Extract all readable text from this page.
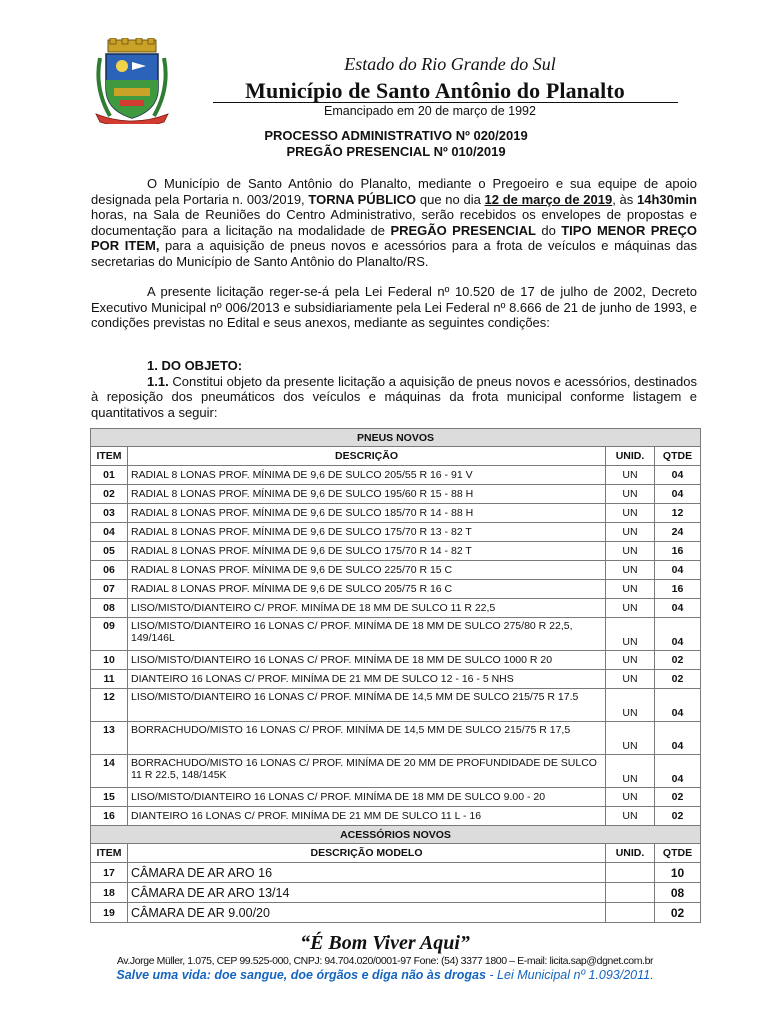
Estado do Rio Grande do Sul
Município de Santo Antônio do Planalto
Emancipado em 20 de março de 1992
PROCESSO ADMINISTRATIVO Nº 020/2019
PREGÃO PRESENCIAL Nº 010/2019
O Município de Santo Antônio do Planalto, mediante o Pregoeiro e sua equipe de apoio designada pela Portaria n. 003/2019, TORNA PÚBLICO que no dia 12 de março de 2019, às 14h30min horas, na Sala de Reuniões do Centro Administrativo, serão recebidos os envelopes de propostas e documentação para a licitação na modalidade de PREGÃO PRESENCIAL do TIPO MENOR PREÇO POR ITEM, para a aquisição de pneus novos e acessórios para a frota de veículos e máquinas das secretarias do Município de Santo Antônio do Planalto/RS.
A presente licitação reger-se-á pela Lei Federal nº 10.520 de 17 de julho de 2002, Decreto Executivo Municipal nº 006/2013 e subsidiariamente pela Lei Federal nº 8.666 de 21 de junho de 1993, e condições previstas no Edital e seus anexos, mediante as seguintes condições:
1. DO OBJETO:
1.1. Constitui objeto da presente licitação a aquisição de pneus novos e acessórios, destinados à reposição dos pneumáticos dos veículos e máquinas da frota municipal conforme listagem e quantitativos a seguir:
PNEUS NOVOS			
ITEM	DESCRIÇÃO	UNID.	QTDE
01	RADIAL 8 LONAS PROF. MÍNIMA DE 9,6 DE SULCO 205/55 R 16 - 91 V	UN	04
02	RADIAL 8 LONAS PROF. MÍNIMA DE 9,6 DE SULCO 195/60 R 15 - 88 H	UN	04
03	RADIAL 8 LONAS PROF. MÍNIMA DE 9,6 DE SULCO 185/70 R 14 - 88 H	UN	12
04	RADIAL 8 LONAS PROF. MÍNIMA DE 9,6 DE SULCO 175/70 R 13 - 82 T	UN	24
05	RADIAL 8 LONAS PROF. MÍNIMA DE 9,6 DE SULCO 175/70 R 14 - 82 T	UN	16
06	RADIAL 8 LONAS PROF. MÍNIMA DE 9,6 DE SULCO 225/70 R 15 C	UN	04
07	RADIAL 8 LONAS PROF. MÍNIMA DE 9,6 DE SULCO 205/75 R 16 C	UN	16
08	LISO/MISTO/DIANTEIRO C/ PROF. MINÍMA DE 18 MM DE SULCO 11 R 22,5	UN	04
09	LISO/MISTO/DIANTEIRO 16 LONAS C/ PROF. MINÍMA DE 18 MM DE SULCO 275/80 R 22,5, 149/146L	UN	04
10	LISO/MISTO/DIANTEIRO 16 LONAS C/ PROF. MINÍMA DE 18 MM DE SULCO 1000 R 20	UN	02
11	DIANTEIRO 16 LONAS C/ PROF. MINÍMA DE 21 MM DE SULCO 12 - 16 - 5 NHS	UN	02
12	LISO/MISTO/DIANTEIRO 16 LONAS C/ PROF. MINÍMA DE 14,5 MM DE SULCO 215/75 R 17.5	UN	04
13	BORRACHUDO/MISTO 16 LONAS C/ PROF. MINÍMA DE 14,5 MM DE SULCO 215/75 R 17,5	UN	04
14	BORRACHUDO/MISTO 16 LONAS C/ PROF. MINÍMA DE 20 MM DE PROFUNDIDADE DE SULCO 11 R 22.5, 148/145K	UN	04
15	LISO/MISTO/DIANTEIRO 16 LONAS C/ PROF. MINÍMA DE 18 MM DE SULCO 9.00 - 20	UN	02
16	DIANTEIRO 16 LONAS C/ PROF. MINÍMA DE 21 MM DE SULCO 11 L - 16	UN	02
ACESSÓRIOS NOVOS			
ITEM	DESCRIÇÃO MODELO	UNID.	QTDE
17	CÂMARA DE AR ARO 16		10
18	CÂMARA DE AR ARO 13/14		08
19	CÂMARA DE AR 9.00/20		02
“É Bom Viver Aqui”
Av.Jorge Müller, 1.075, CEP 99.525-000, CNPJ: 94.704.020/0001-97 Fone: (54) 3377 1800 – E-mail: licita.sap@dgnet.com.br
Salve uma vida: doe sangue, doe órgãos e diga não às drogas - Lei Municipal nº 1.093/2011.
